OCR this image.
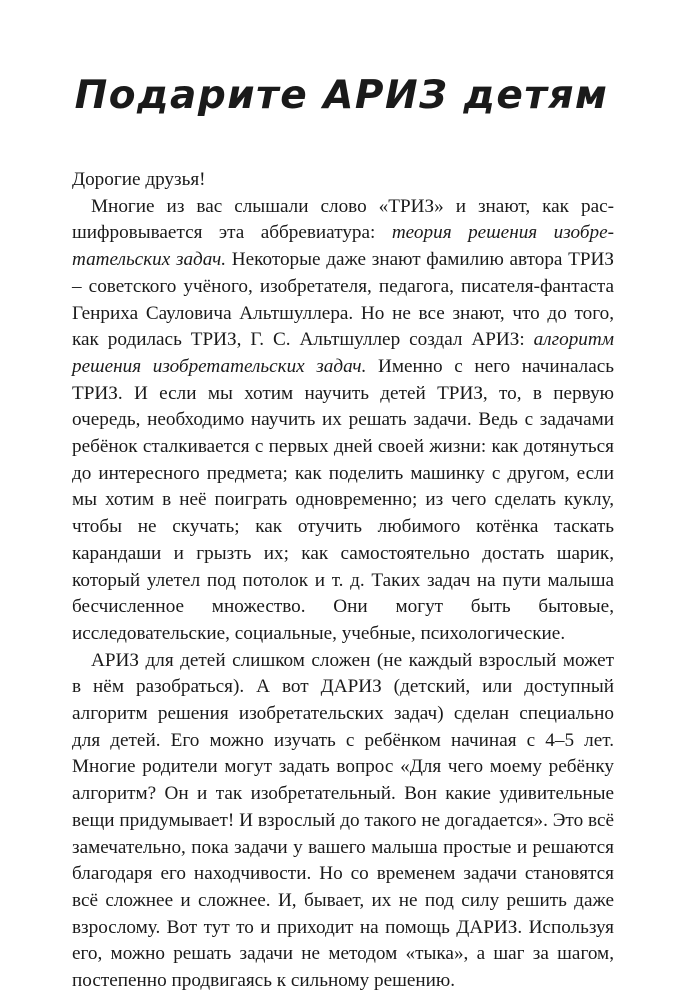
Подарите АРИЗ детям

Дорогие друзья!

Многие из вас слышали слово «ТРИЗ» и знают, как расшифровывается эта аббревиатура: теория решения изобретательских задач. Некоторые даже знают фамилию автора ТРИЗ – советского учёного, изобретателя, педагога, писателя-фантаста Генриха Сауловича Альтшуллера. Но не все знают, что до того, как родилась ТРИЗ, Г. С. Альтшуллер создал АРИЗ: алгоритм решения изобретательских задач. Именно с него начиналась ТРИЗ. И если мы хотим научить детей ТРИЗ, то, в первую очередь, необходимо научить их решать задачи. Ведь с задачами ребёнок сталкивается с первых дней своей жизни: как дотянуться до интересного предмета; как поделить машинку с другом, если мы хотим в неё поиграть одновременно; из чего сделать куклу, чтобы не скучать; как отучить любимого котёнка таскать карандаши и грызть их; как самостоятельно достать шарик, который улетел под потолок и т. д. Таких задач на пути малыша бесчисленное множество. Они могут быть бытовые, исследовательские, социальные, учебные, психологические.

АРИЗ для детей слишком сложен (не каждый взрослый может в нём разобраться). А вот ДАРИЗ (детский, или доступный алгоритм решения изобретательских задач) сделан специально для детей. Его можно изучать с ребёнком начиная с 4–5 лет. Многие родители могут задать вопрос «Для чего моему ребёнку алгоритм? Он и так изобретательный. Вон какие удивительные вещи придумывает! И взрослый до такого не догадается». Это всё замечательно, пока задачи у вашего малыша простые и решаются благодаря его находчивости. Но со временем задачи становятся всё сложнее и сложнее. И, бывает, их не под силу решить даже взрослому. Вот тут то и приходит на помощь ДАРИЗ. Используя его, можно решать задачи не методом «тыка», а шаг за шагом, постепенно продвигаясь к сильному решению.
